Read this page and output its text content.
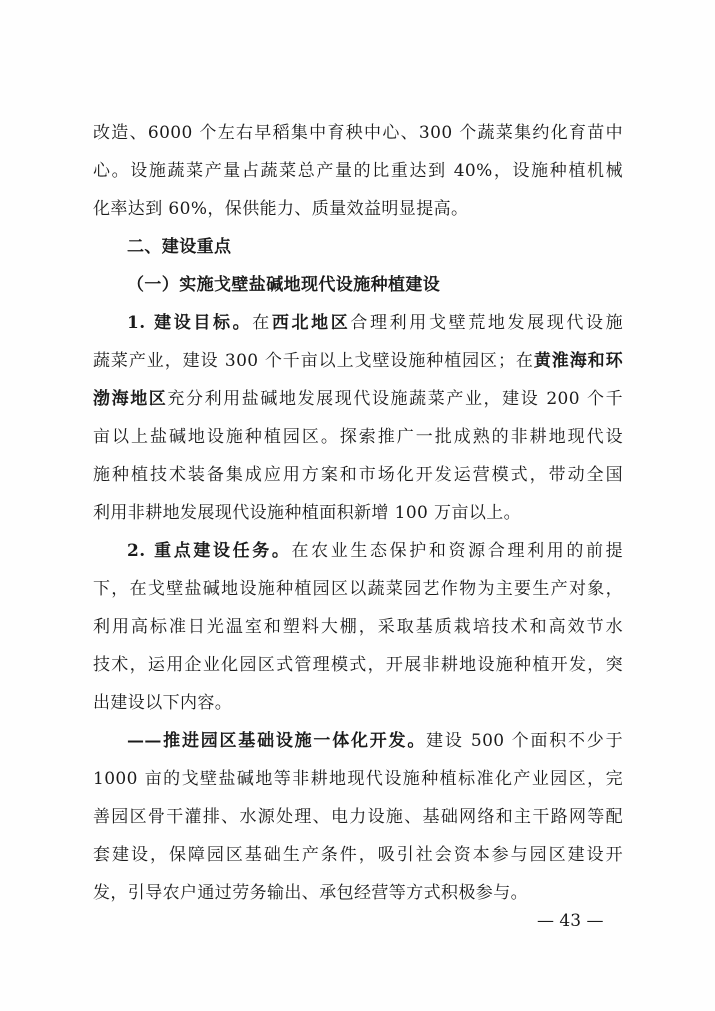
改造、6000 个左右早稻集中育秧中心、300 个蔬菜集约化育苗中
心。设施蔬菜产量占蔬菜总产量的比重达到 40%，设施种植机械
化率达到 60%，保供能力、质量效益明显提高。
二、建设重点
（一）实施戈壁盐碱地现代设施种植建设
1. 建设目标。在西北地区合理利用戈壁荒地发展现代设施
蔬菜产业，建设 300 个千亩以上戈壁设施种植园区；在黄淮海和环
渤海地区充分利用盐碱地发展现代设施蔬菜产业，建设 200 个千
亩以上盐碱地设施种植园区。探索推广一批成熟的非耕地现代设
施种植技术装备集成应用方案和市场化开发运营模式，带动全国
利用非耕地发展现代设施种植面积新增 100 万亩以上。
2. 重点建设任务。在农业生态保护和资源合理利用的前提
下，在戈壁盐碱地设施种植园区以蔬菜园艺作物为主要生产对象，
利用高标准日光温室和塑料大棚，采取基质栽培技术和高效节水
技术，运用企业化园区式管理模式，开展非耕地设施种植开发，突
出建设以下内容。
——推进园区基础设施一体化开发。建设 500 个面积不少于
1000 亩的戈壁盐碱地等非耕地现代设施种植标准化产业园区，完
善园区骨干灌排、水源处理、电力设施、基础网络和主干路网等配
套建设，保障园区基础生产条件，吸引社会资本参与园区建设开
发，引导农户通过劳务输出、承包经营等方式积极参与。
— 43 —
